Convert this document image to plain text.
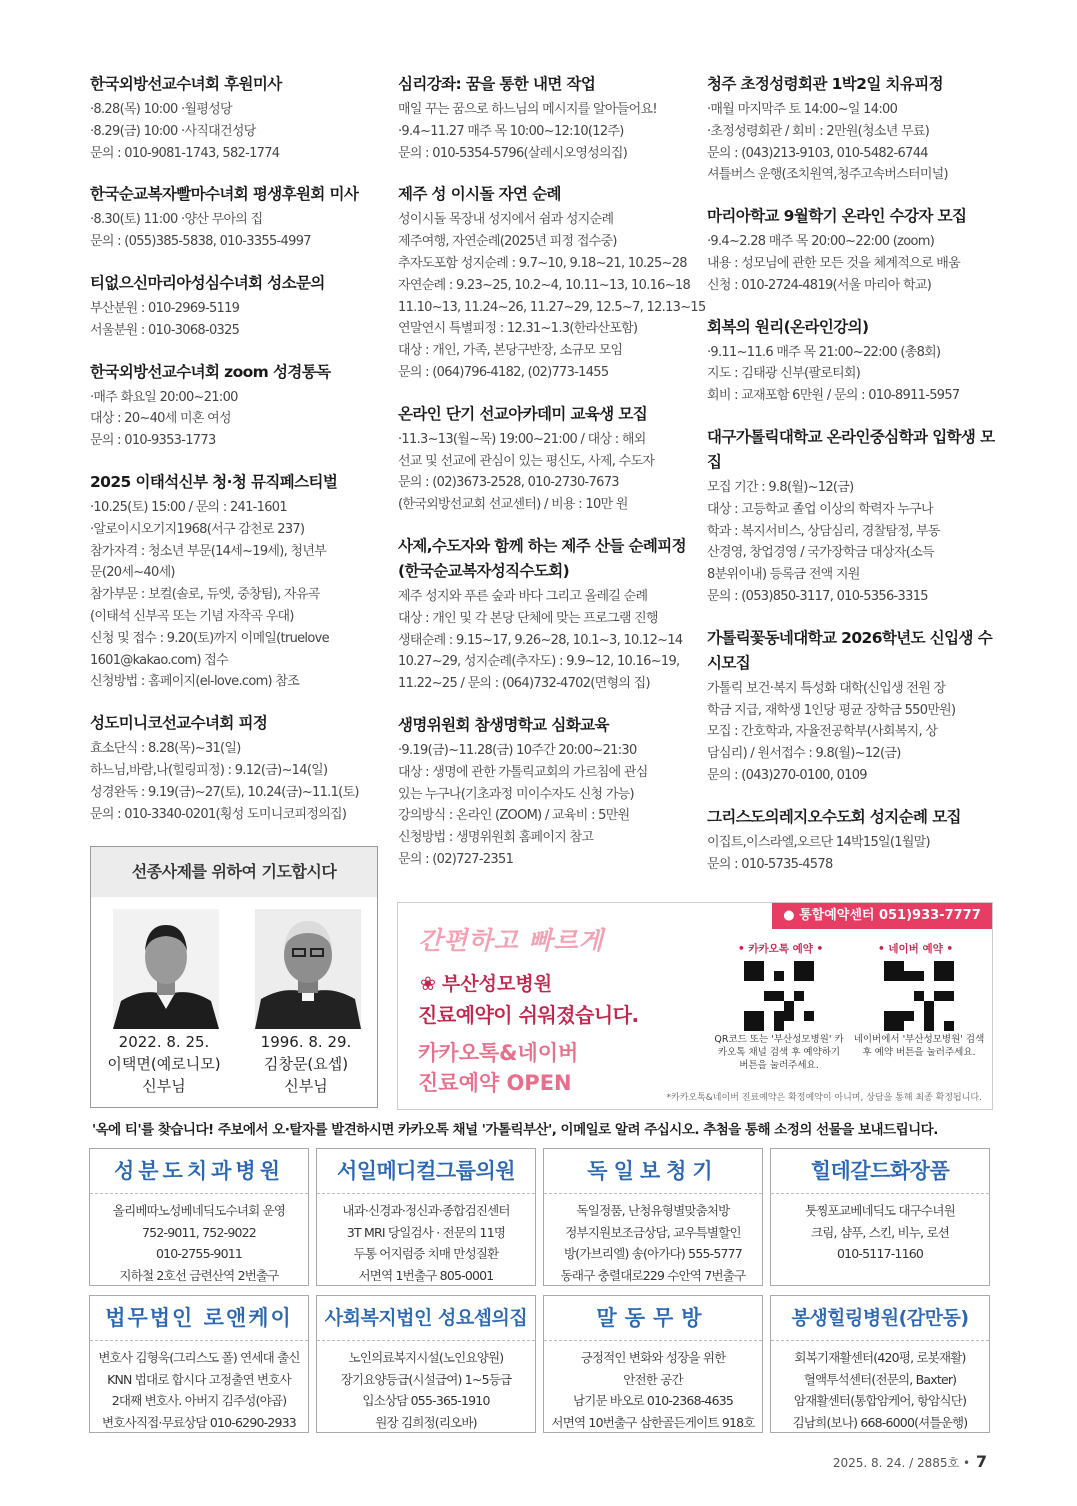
한국외방선교수녀회 후원미사

·8.28(목) 10:00 ·월평성당

·8.29(금) 10:00 ·사직대건성당

문의 : 010-9081-1743, 582-1774

한국순교복자빨마수녀회 평생후원회 미사

·8.30(토) 11:00 ·양산 무아의 집

문의 : (055)385-5838, 010-3355-4997

티없으신마리아성심수녀회 성소문의

부산분원 : 010-2969-5119

서울분원 : 010-3068-0325

한국외방선교수녀회 zoom 성경통독

·매주 화요일 20:00~21:00

대상 : 20~40세 미혼 여성

문의 : 010-9353-1773

2025 이태석신부 청·청 뮤직페스티벌

·10.25(토) 15:00 / 문의 : 241-1601

·알로이시오기지1968(서구 감천로 237)

참가자격 : 청소년 부문(14세~19세), 청년부

문(20세~40세)

참가부문 : 보컬(솔로, 듀엣, 중창팀), 자유곡

(이태석 신부곡 또는 기념 자작곡 우대)

신청 및 접수 : 9.20(토)까지 이메일(truelove

1601@kakao.com) 접수

신청방법 : 홈페이지(el-love.com) 참조

성도미니코선교수녀회 피정

효소단식 : 8.28(목)~31(일)

하느님,바람,나(힐링피정) : 9.12(금)~14(일)

성경완독 : 9.19(금)~27(토), 10.24(금)~11.1(토)

문의 : 010-3340-0201(횡성 도미니코피정의집)

심리강좌: 꿈을 통한 내면 작업

매일 꾸는 꿈으로 하느님의 메시지를 알아들어요!

·9.4~11.27 매주 목 10:00~12:10(12주)

문의 : 010-5354-5796(살레시오영성의집)

제주 성 이시돌 자연 순례

성이시돌 목장내 성지에서 쉼과 성지순례

제주여행, 자연순례(2025년 피정 접수중)

추자도포함 성지순례 : 9.7~10, 9.18~21, 10.25~28

자연순례 : 9.23~25, 10.2~4, 10.11~13, 10.16~18

11.10~13, 11.24~26, 11.27~29, 12.5~7, 12.13~15

연말연시 특별피정 : 12.31~1.3(한라산포함)

대상 : 개인, 가족, 본당구반장, 소규모 모임

문의 : (064)796-4182, (02)773-1455

온라인 단기 선교아카데미 교육생 모집

·11.3~13(월~목) 19:00~21:00 / 대상 : 해외

선교 및 선교에 관심이 있는 평신도, 사제, 수도자

문의 : (02)3673-2528, 010-2730-7673

(한국외방선교회 선교센터) / 비용 : 10만 원

사제,수도자와 함께 하는 제주 산들 순례피정(한국순교복자성직수도회)

제주 성지와 푸른 숲과 바다 그리고 올레길 순례

대상 : 개인 및 각 본당 단체에 맞는 프로그램 진행

생태순례 : 9.15~17, 9.26~28, 10.1~3, 10.12~14

10.27~29, 성지순례(추자도) : 9.9~12, 10.16~19,

11.22~25 / 문의 : (064)732-4702(면형의 집)

생명위원회 참생명학교 심화교육

·9.19(금)~11.28(금) 10주간 20:00~21:30

대상 : 생명에 관한 가톨릭교회의 가르침에 관심

있는 누구나(기초과정 미이수자도 신청 가능)

강의방식 : 온라인 (ZOOM) / 교육비 : 5만원

신청방법 : 생명위원회 홈페이지 참고

문의 : (02)727-2351

청주 초정성령회관 1박2일 치유피정

·매월 마지막주 토 14:00~일 14:00

·초정성령회관 / 회비 : 2만원(청소년 무료)

문의 : (043)213-9103, 010-5482-6744

셔틀버스 운행(조치원역,청주고속버스터미널)

마리아학교 9월학기 온라인 수강자 모집

·9.4~2.28 매주 목 20:00~22:00 (zoom)

내용 : 성모님에 관한 모든 것을 체계적으로 배움

신청 : 010-2724-4819(서울 마리아 학교)

회복의 원리(온라인강의)

·9.11~11.6 매주 목 21:00~22:00 (총8회)

지도 : 김태광 신부(팔로티회)

회비 : 교재포함 6만원 / 문의 : 010-8911-5957

대구가톨릭대학교 온라인중심학과 입학생 모집

모집 기간 : 9.8(월)~12(금)

대상 : 고등학교 졸업 이상의 학력자 누구나

학과 : 복지서비스, 상담심리, 경찰탐정, 부동

산경영, 창업경영 / 국가장학금 대상자(소득

8분위이내) 등록금 전액 지원

문의 : (053)850-3117, 010-5356-3315

가톨릭꽃동네대학교 2026학년도 신입생 수시모집

가톨릭 보건·복지 특성화 대학(신입생 전원 장

학금 지급, 재학생 1인당 평균 장학금 550만원)

모집 : 간호학과, 자율전공학부(사회복지, 상

담심리) / 원서접수 : 9.8(월)~12(금)

문의 : (043)270-0100, 0109

그리스도의레지오수도회 성지순례 모집

이집트,이스라엘,오르단 14박15일(1월말)

문의 : 010-5735-4578

선종사제를 위하여 기도합시다
2022. 8. 25.
이택면(예로니모)
신부님
1996. 8. 29.
김창문(요셉)
신부님
● 통합예약센터 051)933-7777
간편하고 빠르게
❀ 부산성모병원
진료예약이 쉬워졌습니다.
카카오톡&네이버
진료예약 OPEN
• 카카오톡 예약 •
QR코드 또는 '부산성모병원' 카카오톡 채널 검색 후 예약하기 버튼을 눌러주세요.
• 네이버 예약 •
네이버에서 '부산성모병원' 검색 후 예약 버튼을 눌러주세요.
*카카오톡&네이버 진료예약은 확정예약이 아니며, 상담을 통해 최종 확정됩니다.
'옥에 티'를 찾습니다! 주보에서 오·탈자를 발견하시면 카카오톡 채널 '가톨릭부산', 이메일로 알려 주십시오. 추첨을 통해 소정의 선물을 보내드립니다.
성분도치과병원
올리베따노성베네딕도수녀회 운영
752-9011, 752-9022
010-2755-9011
지하철 2호선 금련산역 2번출구
서일메디컬그룹의원
내과·신경과·정신과·종합검진센터
3T MRI 당일검사 · 전문의 11명
두통 어지럼증 치매 만성질환
서면역 1번출구 805-0001
독일보청기
독일정품, 난청유형별맞춤처방
정부지원보조금상담, 교우특별할인
방(가브리엘) 송(아가다) 555-5777
동래구 충렬대로229 수안역 7번출구
힐데갈드화장품
툿찡포교베네딕도 대구수녀원
크림, 샴푸, 스킨, 비누, 로션
010-5117-1160
법무법인 로앤케이
변호사 김형욱(그리스도 폴) 연세대 출신
KNN 법대로 합시다 고정출연 변호사
2대째 변호사. 아버지 김주성(야곱)
변호사직접·무료상담 010-6290-2933
사회복지법인 성요셉의집
노인의료복지시설(노인요양원)
장기요양등급(시설급여) 1~5등급
입소상담 055-365-1910
원장 김희정(리오바)
말동무방
긍정적인 변화와 성장을 위한
안전한 공간
남기문 바오로 010-2368-4635
서면역 10번출구 삼한골든게이트 918호
봉생힐링병원(감만동)
회복기재활센터(420평, 로봇재활)
혈액투석센터(전문의, Baxter)
암재활센터(통합암케어, 항암식단)
김남희(보나) 668-6000(셔틀운행)
2025. 8. 24. / 2885호 • 7
